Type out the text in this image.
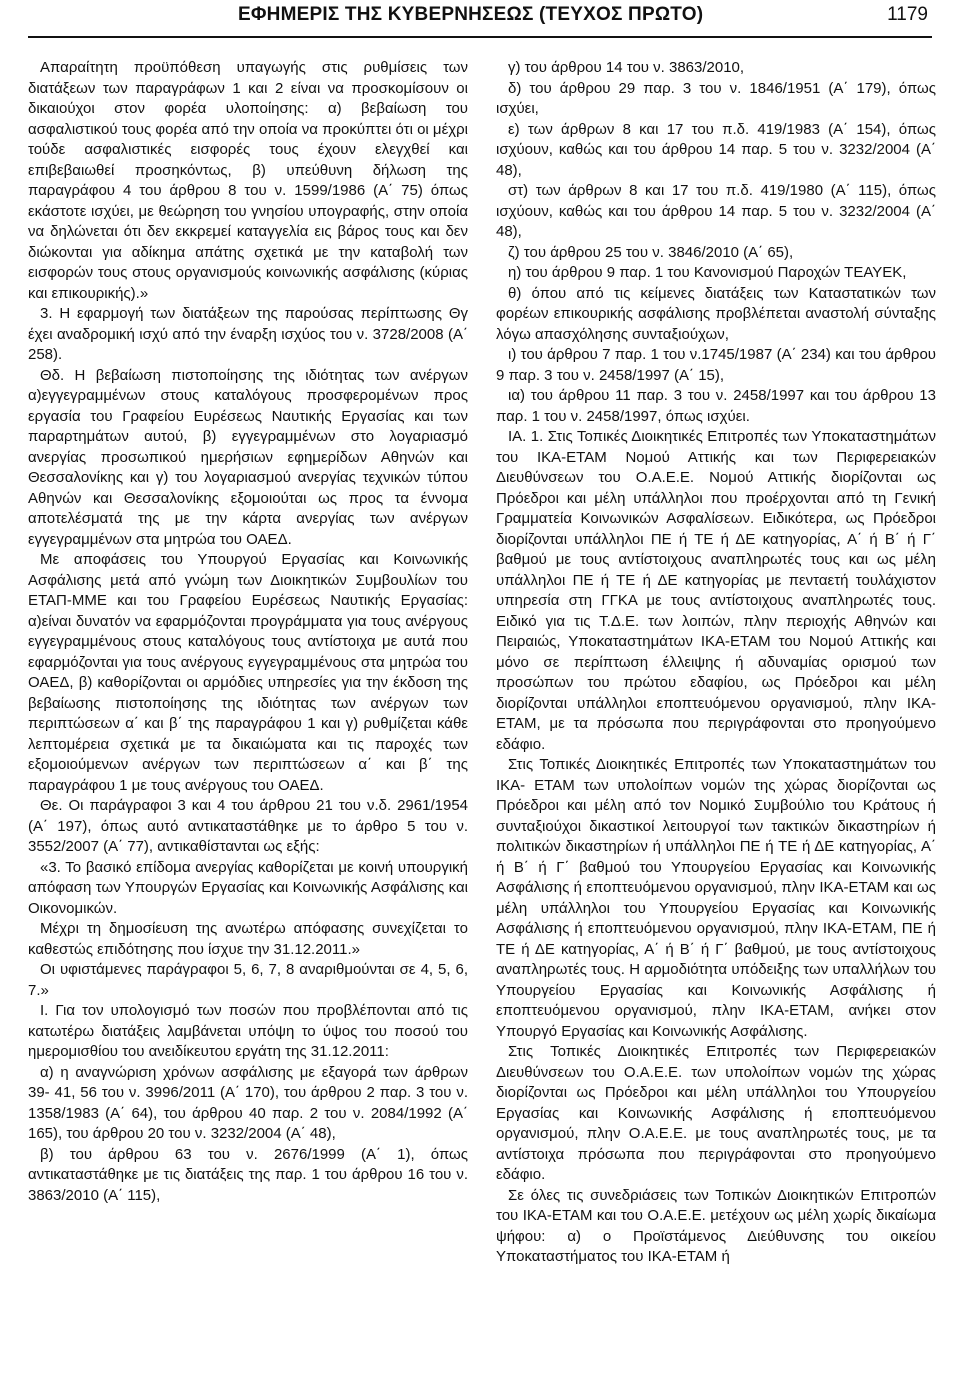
ΕΦΗΜΕΡΙΣ ΤΗΣ ΚΥΒΕΡΝΗΣΕΩΣ (ΤΕΥΧΟΣ ΠΡΩΤΟ)	1179

Απαραίτητη προϋπόθεση υπαγωγής στις ρυθμίσεις των διατάξεων των παραγράφων 1 και 2 είναι να προσκομίσουν οι δικαιούχοι στον φορέα υλοποίησης: α) βεβαίωση του ασφαλιστικού τους φορέα από την οποία να προκύπτει ότι οι μέχρι τούδε ασφαλιστικές εισφορές τους έχουν ελεγχθεί και επιβεβαιωθεί προσηκόντως, β) υπεύθυνη δήλωση της παραγράφου 4 του άρθρου 8 του ν. 1599/1986 (Α΄ 75) όπως εκάστοτε ισχύει, με θεώρηση του γνησίου υπογραφής, στην οποία να δηλώνεται ότι δεν εκκρεμεί καταγγελία εις βάρος τους και δεν διώκονται για αδίκημα απάτης σχετικά με την καταβολή των εισφορών τους στους οργανισμούς κοινωνικής ασφάλισης (κύριας και επικουρικής).»

3. Η εφαρμογή των διατάξεων της παρούσας περίπτωσης Θγ έχει αναδρομική ισχύ από την έναρξη ισχύος του ν. 3728/2008 (Α΄ 258).

Θδ. Η βεβαίωση πιστοποίησης της ιδιότητας των ανέργων α)εγγεγραμμένων στους καταλόγους προσφερομένων προς εργασία του Γραφείου Ευρέσεως Ναυτικής Εργασίας και των παραρτημάτων αυτού, β) εγγεγραμμένων στο λογαριασμό ανεργίας προσωπικού ημερήσιων εφημερίδων Αθηνών και Θεσσαλονίκης και γ) του λογαριασμού ανεργίας τεχνικών τύπου Αθηνών και Θεσσαλονίκης εξομοιούται ως προς τα έννομα αποτελέσματά της με την κάρτα ανεργίας των ανέργων εγγεγραμμένων στα μητρώα του ΟΑΕΔ.

Με αποφάσεις του Υπουργού Εργασίας και Κοινωνικής Ασφάλισης μετά από γνώμη των Διοικητικών Συμβουλίων του ΕΤΑΠ-ΜΜΕ και του Γραφείου Ευρέσεως Ναυτικής Εργασίας: α)είναι δυνατόν να εφαρμόζονται προγράμματα για τους ανέργους εγγεγραμμένους στους καταλόγους τους αντίστοιχα με αυτά που εφαρμόζονται για τους ανέργους εγγεγραμμένους στα μητρώα του ΟΑΕΔ, β) καθορίζονται οι αρμόδιες υπηρεσίες για την έκδοση της βεβαίωσης πιστοποίησης της ιδιότητας των ανέργων των περιπτώσεων α΄ και β΄ της παραγράφου 1 και γ) ρυθμίζεται κάθε λεπτομέρεια σχετικά με τα δικαιώματα και τις παροχές των εξομοιούμενων ανέργων των περιπτώσεων α΄ και β΄ της παραγράφου 1 με τους ανέργους του ΟΑΕΔ.

Θε. Οι παράγραφοι 3 και 4 του άρθρου 21 του ν.δ. 2961/1954 (Α΄ 197), όπως αυτό αντικαταστάθηκε με το άρθρο 5 του ν. 3552/2007 (Α΄ 77), αντικαθίστανται ως εξής:

«3. Το βασικό επίδομα ανεργίας καθορίζεται με κοινή υπουργική απόφαση των Υπουργών Εργασίας και Κοινωνικής Ασφάλισης και Οικονομικών.

Μέχρι τη δημοσίευση της ανωτέρω απόφασης συνεχίζεται το καθεστώς επιδότησης που ίσχυε την 31.12.2011.»

Οι υφιστάμενες παράγραφοι 5, 6, 7, 8 αναριθμούνται σε 4, 5, 6, 7.»

Ι. Για τον υπολογισμό των ποσών που προβλέπονται από τις κατωτέρω διατάξεις λαμβάνεται υπόψη το ύψος του ποσού του ημερομισθίου του ανειδίκευτου εργάτη της 31.12.2011:

α) η αναγνώριση χρόνων ασφάλισης με εξαγορά των άρθρων 39- 41, 56 του ν. 3996/2011 (Α΄ 170), του άρθρου 2 παρ. 3 του ν. 1358/1983 (Α΄ 64), του άρθρου 40 παρ. 2 του ν. 2084/1992 (Α΄ 165), του άρθρου 20 του ν. 3232/2004 (Α΄ 48),

β) του άρθρου 63 του ν. 2676/1999 (Α΄ 1), όπως αντικαταστάθηκε με τις διατάξεις της παρ. 1 του άρθρου 16 του ν. 3863/2010 (Α΄ 115),

γ) του άρθρου 14 του ν. 3863/2010,

δ) του άρθρου 29 παρ. 3 του ν. 1846/1951 (Α΄ 179), όπως ισχύει,

ε) των άρθρων 8 και 17 του π.δ. 419/1983 (Α΄ 154), όπως ισχύουν, καθώς και του άρθρου 14 παρ. 5 του ν. 3232/2004 (Α΄ 48),

στ) των άρθρων 8 και 17 του π.δ. 419/1980 (Α΄ 115), όπως ισχύουν, καθώς και του άρθρου 14 παρ. 5 του ν. 3232/2004 (Α΄ 48),

ζ) του άρθρου 25 του ν. 3846/2010 (Α΄ 65),

η) του άρθρου 9 παρ. 1 του Κανονισμού Παροχών ΤΕΑΥΕΚ,

θ) όπου από τις κείμενες διατάξεις των Καταστατικών των φορέων επικουρικής ασφάλισης προβλέπεται αναστολή σύνταξης λόγω απασχόλησης συνταξιούχων,

ι) του άρθρου 7 παρ. 1 του ν.1745/1987 (Α΄ 234) και του άρθρου 9 παρ. 3 του ν. 2458/1997 (Α΄ 15),

ια) του άρθρου 11 παρ. 3 του ν. 2458/1997 και του άρθρου 13 παρ. 1 του ν. 2458/1997, όπως ισχύει.

ΙΑ. 1. Στις Τοπικές Διοικητικές Επιτροπές των Υποκαταστημάτων του ΙΚΑ-ΕΤΑΜ Νομού Αττικής και των Περιφερειακών Διευθύνσεων του Ο.Α.Ε.Ε. Νομού Αττικής διορίζονται ως Πρόεδροι και μέλη υπάλληλοι που προέρχονται από τη Γενική Γραμματεία Κοινωνικών Ασφαλίσεων. Ειδικότερα, ως Πρόεδροι διορίζονται υπάλληλοι ΠΕ ή ΤΕ ή ΔΕ κατηγορίας, Α΄ ή Β΄ ή Γ΄ βαθμού με τους αντίστοιχους αναπληρωτές τους και ως μέλη υπάλληλοι ΠΕ ή ΤΕ ή ΔΕ κατηγορίας με πενταετή τουλάχιστον υπηρεσία στη ΓΓΚΑ με τους αντίστοιχους αναπληρωτές τους. Ειδικό για τις Τ.Δ.Ε. των λοιπών, πλην περιοχής Αθηνών και Πειραιώς, Υποκαταστημάτων ΙΚΑ-ΕΤΑΜ του Νομού Αττικής και μόνο σε περίπτωση έλλειψης ή αδυναμίας ορισμού των προσώπων του πρώτου εδαφίου, ως Πρόεδροι και μέλη διορίζονται υπάλληλοι εποπτευόμενου οργανισμού, πλην ΙΚΑ-ΕΤΑΜ, με τα πρόσωπα που περιγράφονται στο προηγούμενο εδάφιο.

Στις Τοπικές Διοικητικές Επιτροπές των Υποκαταστημάτων του ΙΚΑ- ΕΤΑΜ των υπολοίπων νομών της χώρας διορίζονται ως Πρόεδροι και μέλη από τον Νομικό Συμβούλιο του Κράτους ή συνταξιούχοι δικαστικοί λειτουργοί των τακτικών δικαστηρίων ή πολιτικών δικαστηρίων ή υπάλληλοι ΠΕ ή ΤΕ ή ΔΕ κατηγορίας, Α΄ ή Β΄ ή Γ΄ βαθμού του Υπουργείου Εργασίας και Κοινωνικής Ασφάλισης ή εποπτευόμενου οργανισμού, πλην ΙΚΑ-ΕΤΑΜ και ως μέλη υπάλληλοι του Υπουργείου Εργασίας και Κοινωνικής Ασφάλισης ή εποπτευόμενου οργανισμού, πλην ΙΚΑ-ΕΤΑΜ, ΠΕ ή ΤΕ ή ΔΕ κατηγορίας, Α΄ ή Β΄ ή Γ΄ βαθμού, με τους αντίστοιχους αναπληρωτές τους. Η αρμοδιότητα υπόδειξης των υπαλλήλων του Υπουργείου Εργασίας και Κοινωνικής Ασφάλισης ή εποπτευόμενου οργανισμού, πλην ΙΚΑ-ΕΤΑΜ, ανήκει στον Υπουργό Εργασίας και Κοινωνικής Ασφάλισης.

Στις Τοπικές Διοικητικές Επιτροπές των Περιφερειακών Διευθύνσεων του Ο.Α.Ε.Ε. των υπολοίπων νομών της χώρας διορίζονται ως Πρόεδροι και μέλη υπάλληλοι του Υπουργείου Εργασίας και Κοινωνικής Ασφάλισης ή εποπτευόμενου οργανισμού, πλην Ο.Α.Ε.Ε. με τους αναπληρωτές τους, με τα αντίστοιχα πρόσωπα που περιγράφονται στο προηγούμενο εδάφιο.

Σε όλες τις συνεδριάσεις των Τοπικών Διοικητικών Επιτροπών του ΙΚΑ-ΕΤΑΜ και του Ο.Α.Ε.Ε. μετέχουν ως μέλη χωρίς δικαίωμα ψήφου: α) ο Προϊστάμενος Διεύθυνσης του οικείου Υποκαταστήματος του ΙΚΑ-ΕΤΑΜ ή
